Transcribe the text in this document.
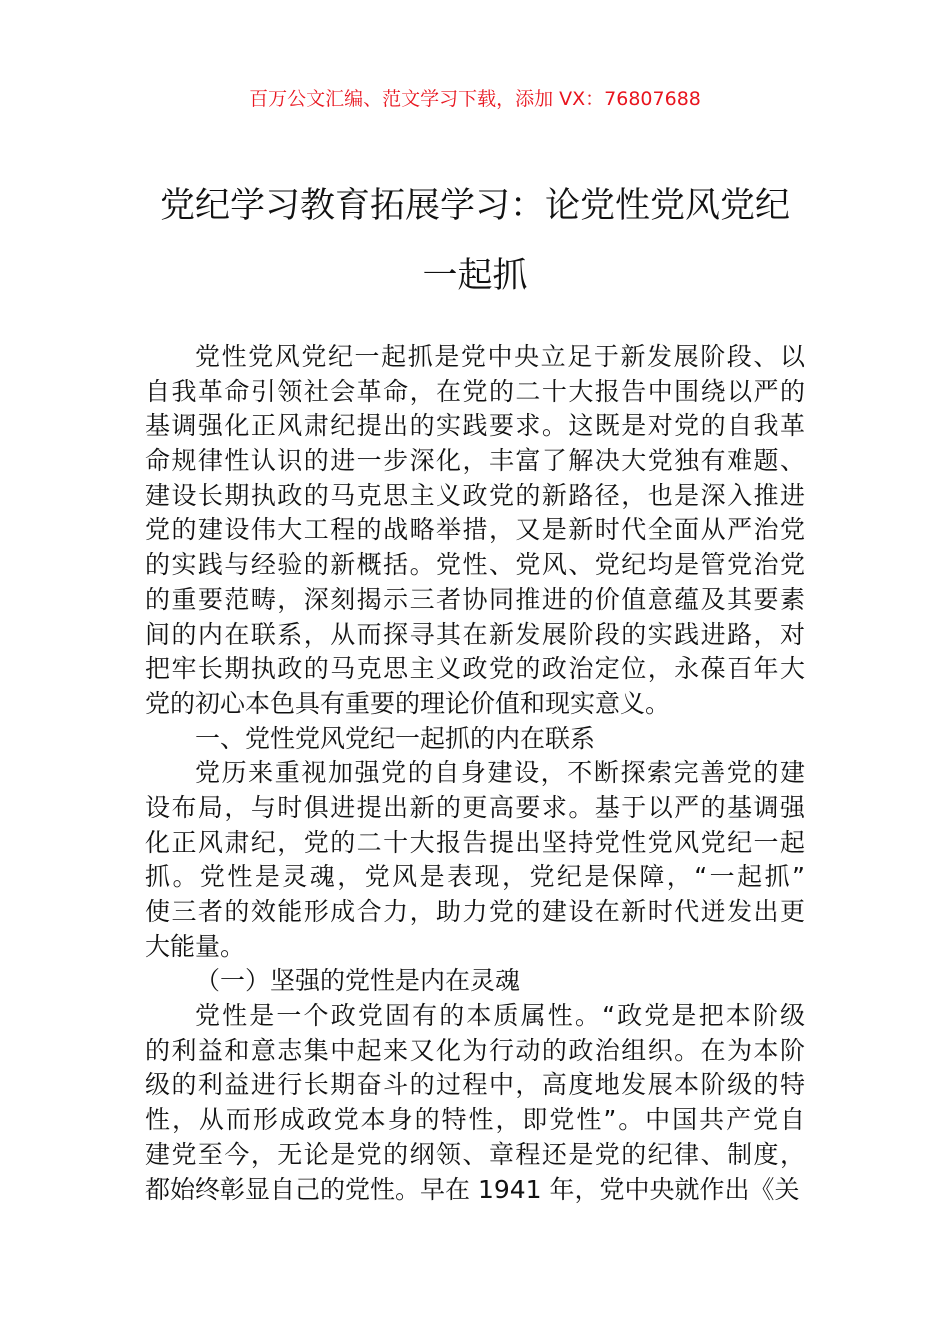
百万公文汇编、范文学习下载，添加 VX：76807688
党纪学习教育拓展学习：论党性党风党纪
一起抓
党性党风党纪一起抓是党中央立足于新发展阶段、以
自我革命引领社会革命，在党的二十大报告中围绕以严的
基调强化正风肃纪提出的实践要求。这既是对党的自我革
命规律性认识的进一步深化，丰富了解决大党独有难题、
建设长期执政的马克思主义政党的新路径，也是深入推进
党的建设伟大工程的战略举措，又是新时代全面从严治党
的实践与经验的新概括。党性、党风、党纪均是管党治党
的重要范畴，深刻揭示三者协同推进的价值意蕴及其要素
间的内在联系，从而探寻其在新发展阶段的实践进路，对
把牢长期执政的马克思主义政党的政治定位，永葆百年大
党的初心本色具有重要的理论价值和现实意义。
一、党性党风党纪一起抓的内在联系
党历来重视加强党的自身建设，不断探索完善党的建
设布局，与时俱进提出新的更高要求。基于以严的基调强
化正风肃纪，党的二十大报告提出坚持党性党风党纪一起
抓。党性是灵魂，党风是表现，党纪是保障，“一起抓”
使三者的效能形成合力，助力党的建设在新时代迸发出更
大能量。
（一）坚强的党性是内在灵魂
党性是一个政党固有的本质属性。“政党是把本阶级
的利益和意志集中起来又化为行动的政治组织。在为本阶
级的利益进行长期奋斗的过程中，高度地发展本阶级的特
性，从而形成政党本身的特性，即党性”。中国共产党自
建党至今，无论是党的纲领、章程还是党的纪律、制度，
都始终彰显自己的党性。早在 1941 年，党中央就作出《关
